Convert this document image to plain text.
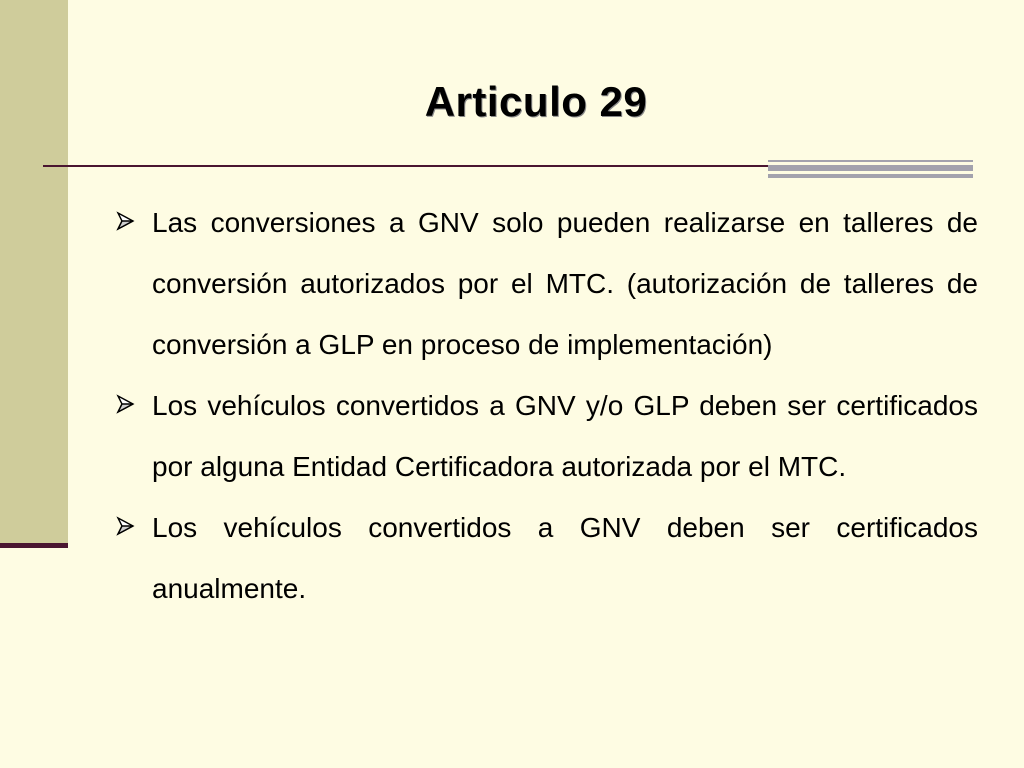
Articulo 29
Las conversiones a GNV solo pueden realizarse en talleres de conversión autorizados por el MTC. (autorización de talleres de conversión a GLP en proceso de implementación)
Los vehículos convertidos a GNV y/o GLP deben ser certificados por alguna Entidad Certificadora autorizada por el MTC.
Los vehículos convertidos a GNV deben ser certificados anualmente.
